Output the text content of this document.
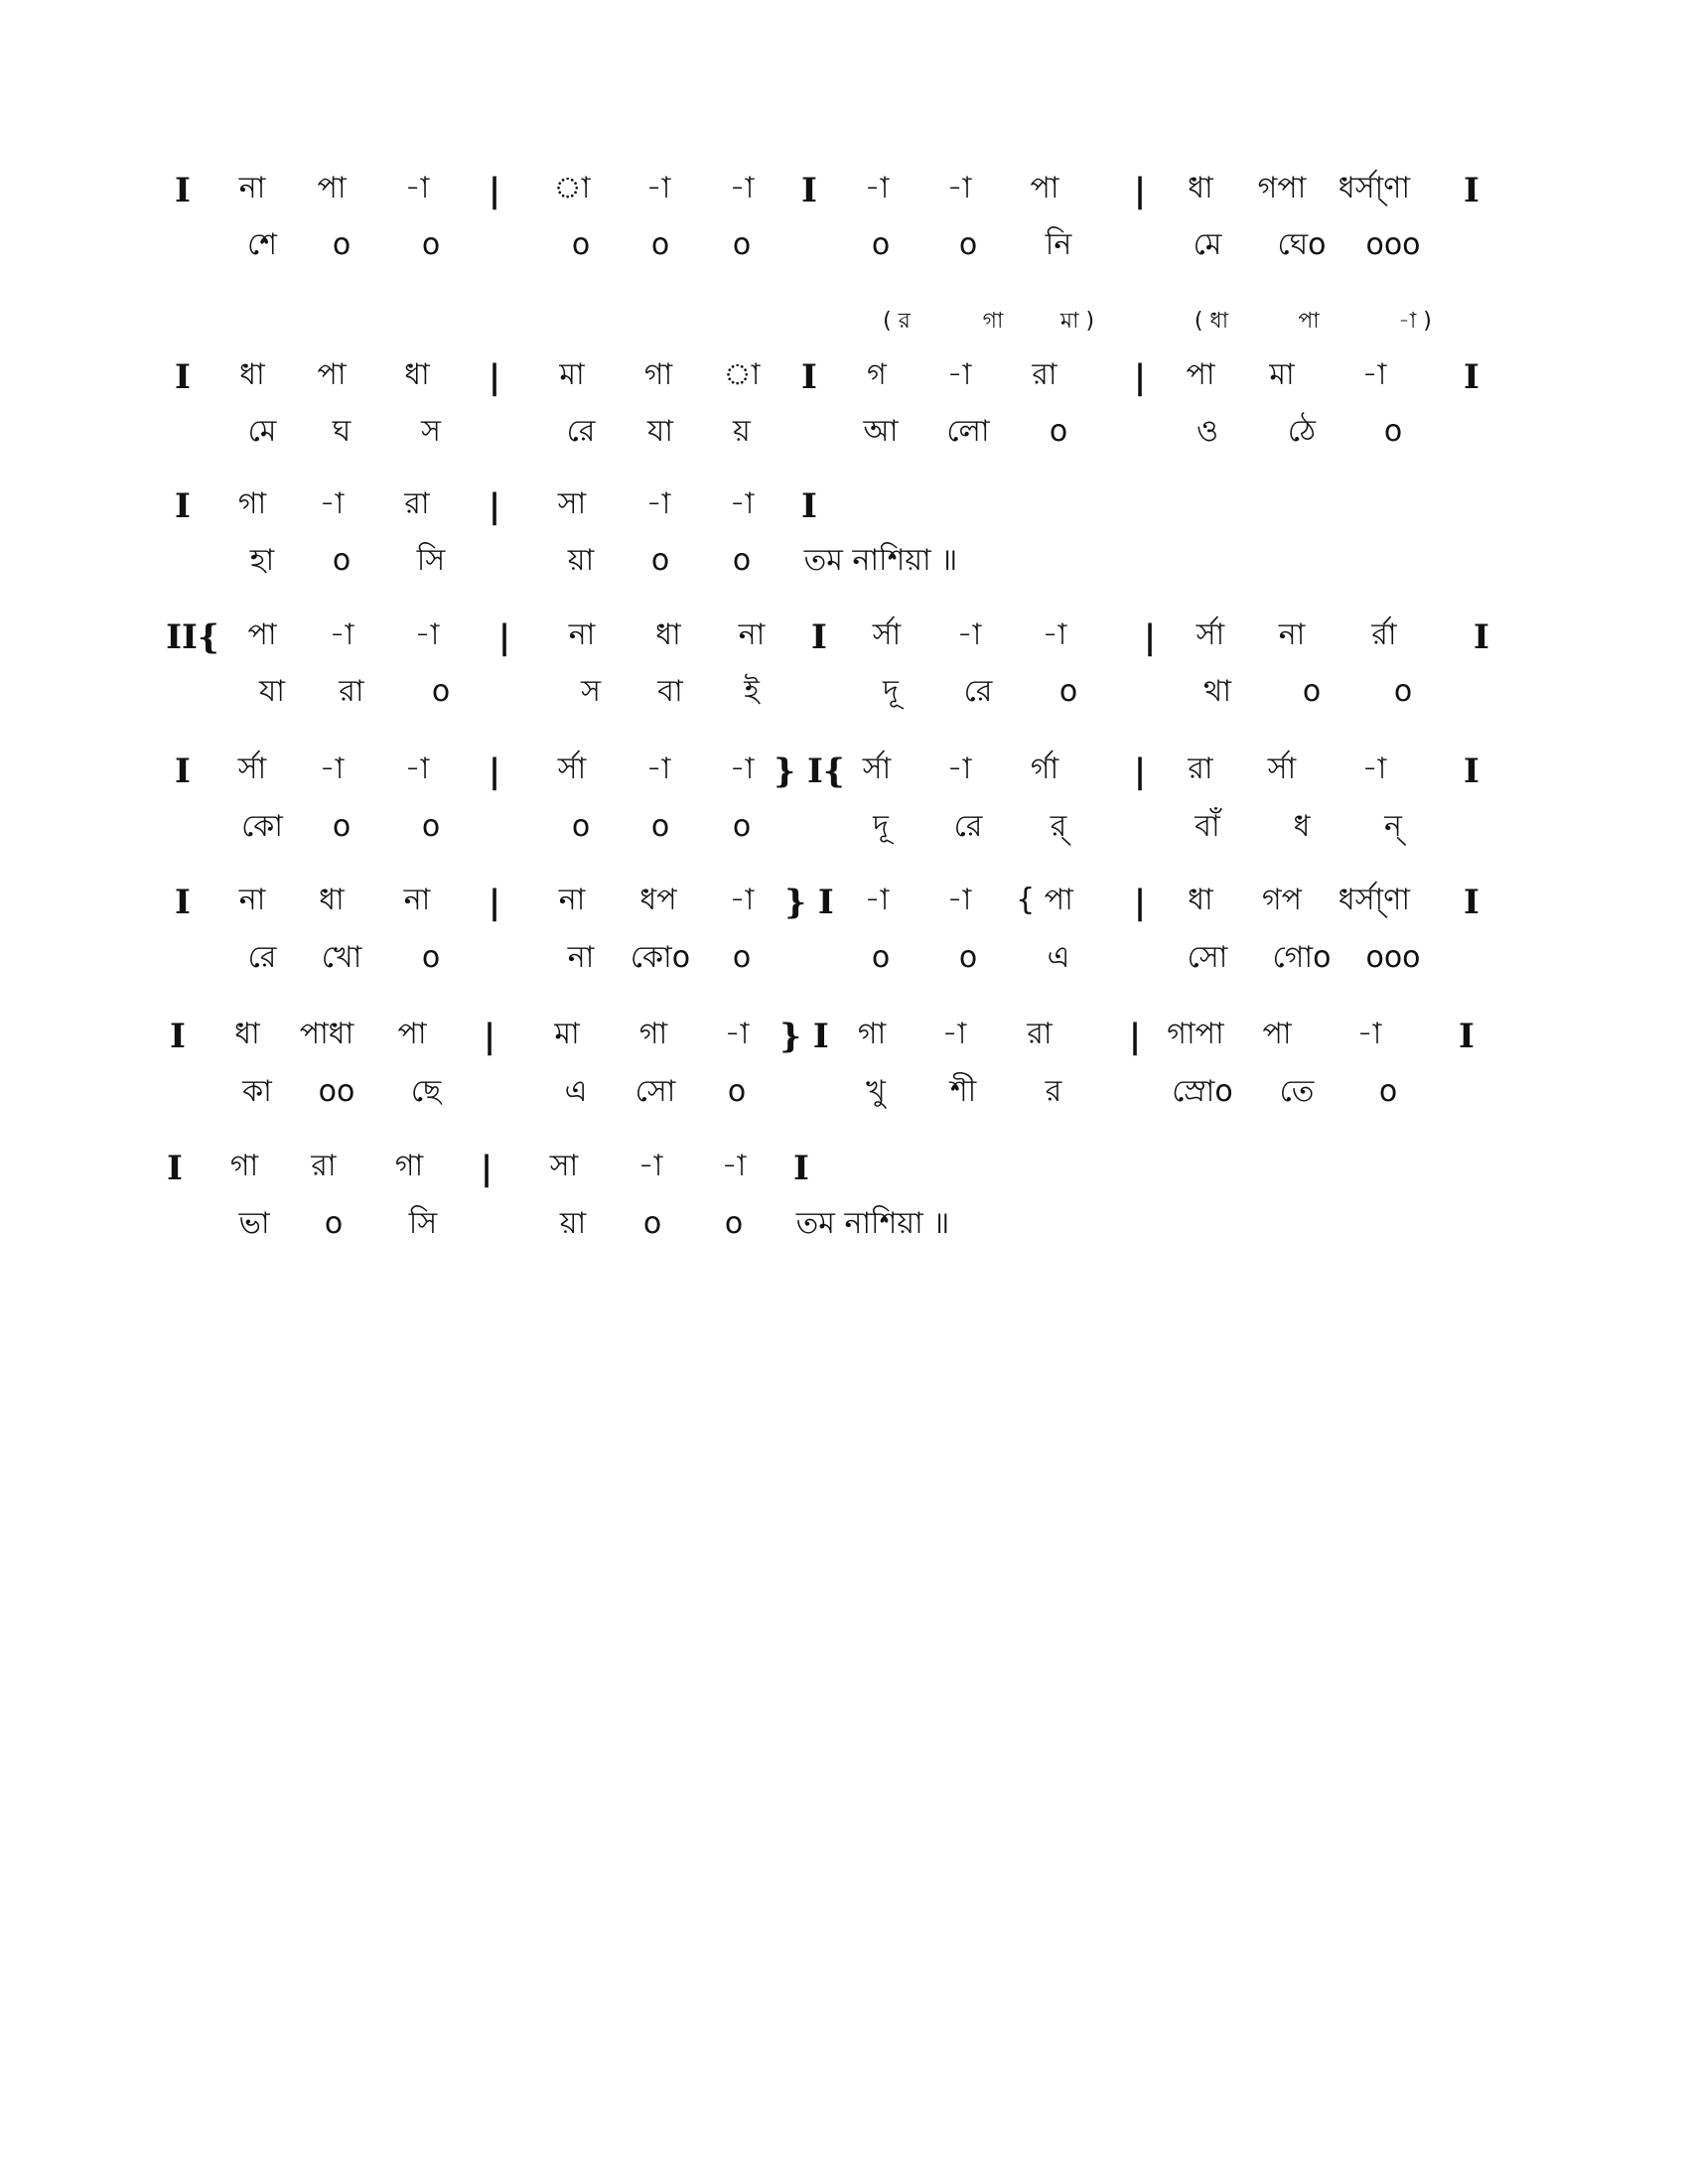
I না পা -া | া -া -া I -া -া পা | ধা গপা ধর্সা্ণা I
শে o o	o o o	o o নি	মে ঘেo ooo
( র	গা	মা )	( ধা	পা	-া )
I ধা পা ধা | মা গা া I গ -া রা | পা মা -া I
মে ঘ স	রে যা য়	আ লো o	ও ঠে o
I গা -া রা | সা -া -া I
হা o সি	য়া o o তম নাশিয়া ॥
II{ পা -া -া | না ধা না I র্সা -া -া | র্সা না র্রা I
যা রা o	স বা ই	দূ রে o	থা o o
I র্সা -া -া | র্সা -া -া } I{ র্সা -া র্গা | রা র্সা -া I
কো o o	o o o	দূ রে র্	বাঁ ধ ন্
I না ধা না | না ধপ -া } I -া -া { পা | ধা গপ ধর্সা্ণা I
রে খো o	না কোo o	o o এ	সো গোo ooo
I ধা পাধা পা | মা গা -া } I গা -া রা | গাপা পা -া I
কা oo ছে	এ সো o	খু শী র	স্রোo তে o
I গা রা গা | সা -া -া I
ভা o সি	য়া o o তম নাশিয়া ॥
